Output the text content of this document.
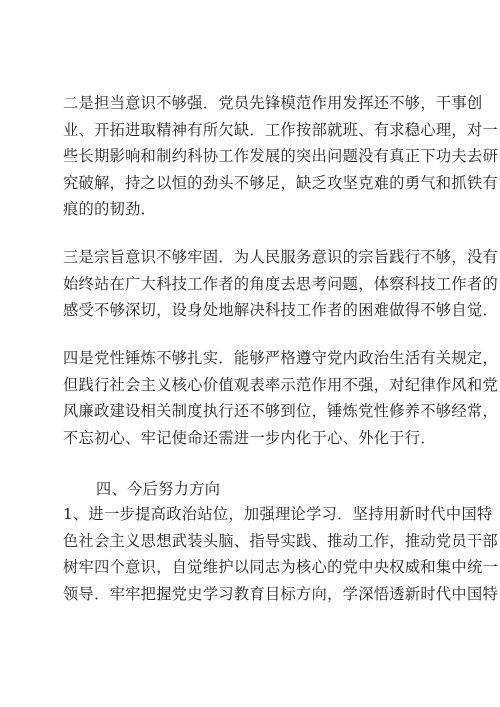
二是担当意识不够强．党员先锋模范作用发挥还不够，干事创
业、开拓进取精神有所欠缺．工作按部就班、有求稳心理，对一
些长期影响和制约科协工作发展的突出问题没有真正下功夫去研
究破解，持之以恒的劲头不够足，缺乏攻坚克难的勇气和抓铁有
痕的的韧劲．
三是宗旨意识不够牢固．为人民服务意识的宗旨践行不够，没有
始终站在广大科技工作者的角度去思考问题，体察科技工作者的
感受不够深切，设身处地解决科技工作者的困难做得不够自觉．
四是党性锤炼不够扎实．能够严格遵守党内政治生活有关规定，
但践行社会主义核心价值观表率示范作用不强，对纪律作风和党
风廉政建设相关制度执行还不够到位，锤炼党性修养不够经常，
不忘初心、牢记使命还需进一步内化于心、外化于行．
四、今后努力方向
1、进一步提高政治站位，加强理论学习．坚持用新时代中国特
色社会主义思想武装头脑、指导实践、推动工作，推动党员干部
树牢四个意识，自觉维护以同志为核心的党中央权威和集中统一
领导．牢牢把握党史学习教育目标方向，学深悟透新时代中国特
